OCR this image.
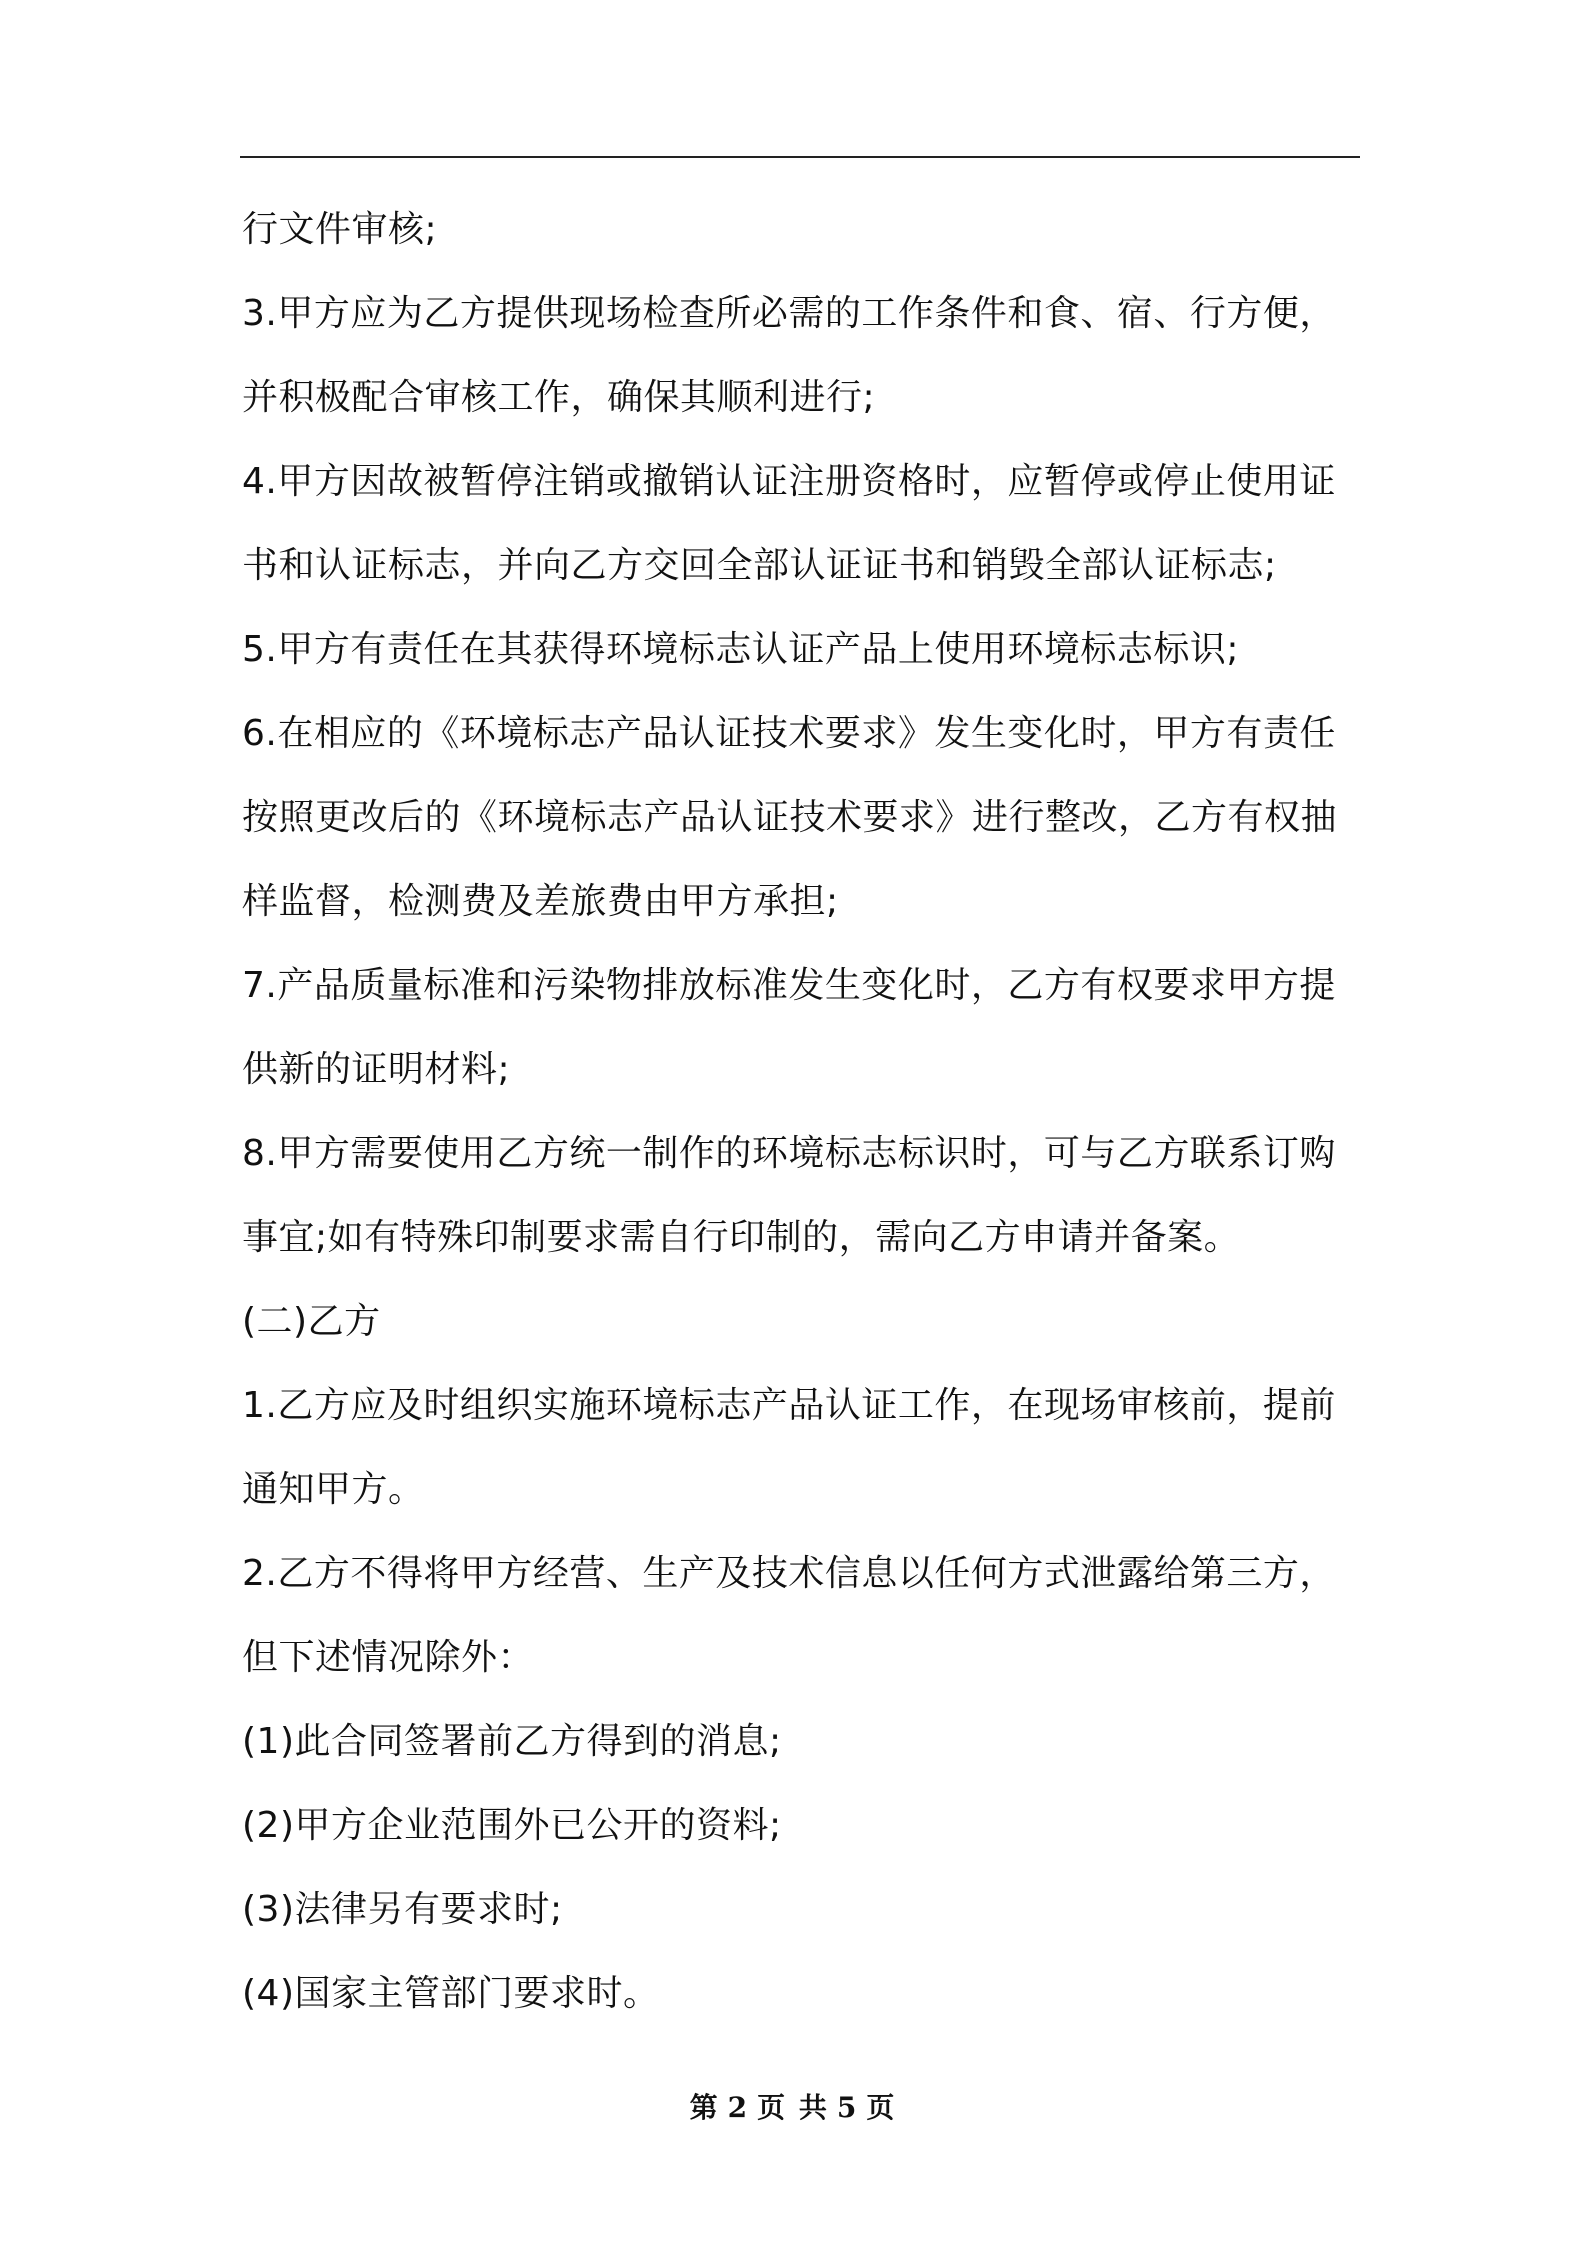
行文件审核;
3.甲方应为乙方提供现场检查所必需的工作条件和食、宿、行方便，
并积极配合审核工作，确保其顺利进行;
4.甲方因故被暂停注销或撤销认证注册资格时，应暂停或停止使用证
书和认证标志，并向乙方交回全部认证证书和销毁全部认证标志;
5.甲方有责任在其获得环境标志认证产品上使用环境标志标识;
6.在相应的《环境标志产品认证技术要求》发生变化时，甲方有责任
按照更改后的《环境标志产品认证技术要求》进行整改，乙方有权抽
样监督，检测费及差旅费由甲方承担;
7.产品质量标准和污染物排放标准发生变化时，乙方有权要求甲方提
供新的证明材料;
8.甲方需要使用乙方统一制作的环境标志标识时，可与乙方联系订购
事宜;如有特殊印制要求需自行印制的，需向乙方申请并备案。
(二)乙方
1.乙方应及时组织实施环境标志产品认证工作，在现场审核前，提前
通知甲方。
2.乙方不得将甲方经营、生产及技术信息以任何方式泄露给第三方，
但下述情况除外：
(1)此合同签署前乙方得到的消息;
(2)甲方企业范围外已公开的资料;
(3)法律另有要求时;
(4)国家主管部门要求时。
第 2 页 共 5 页
